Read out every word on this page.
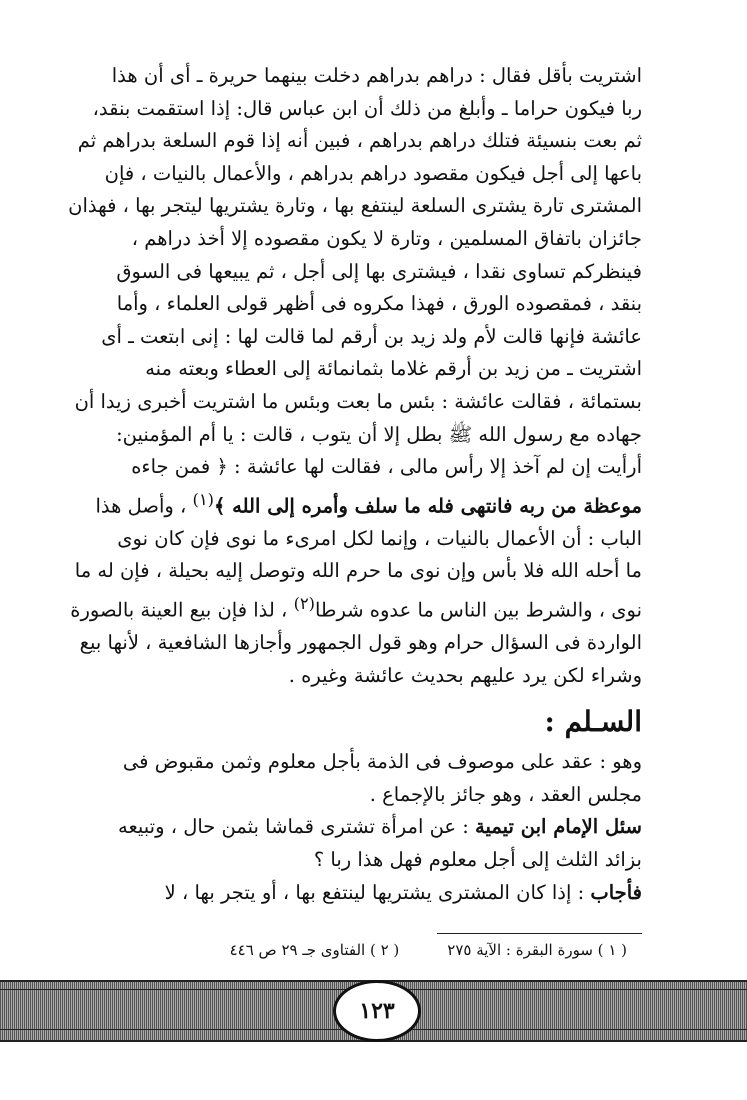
اشتريت بأقل فقال : دراهم بدراهم دخلت بينهما حريرة ـ أى أن هذا
ربا فيكون حراما ـ وأبلغ من ذلك أن ابن عباس قال: إذا استقمت بنقد،
ثم بعت بنسيئة فتلك دراهم بدراهم ، فبين أنه إذا قوم السلعة بدراهم ثم
باعها إلى أجل فيكون مقصود دراهم بدراهم ، والأعمال بالنيات ، فإن
المشترى تارة يشترى السلعة لينتفع بها ، وتارة يشتريها ليتجر بها ، فهذان
جائزان باتفاق المسلمين ، وتارة لا يكون مقصوده إلا أخذ دراهم ،
فينظركم تساوى نقدا ، فيشترى بها إلى أجل ، ثم يبيعها فى السوق
بنقد ، فمقصوده الورق ، فهذا مكروه فى أظهر قولى العلماء ، وأما
عائشة فإنها قالت لأم ولد زيد بن أرقم لما قالت لها : إنى ابتعت ـ أى
اشتريت ـ من زيد بن أرقم غلاما بثمانمائة إلى العطاء وبعته منه
بستمائة ، فقالت عائشة : بئس ما بعت وبئس ما اشتريت أخبرى زيدا أن
جهاده مع رسول الله ﷺ بطل إلا أن يتوب ، قالت : يا أم المؤمنين:
أرأيت إن لم آخذ إلا رأس مالى ، فقالت لها عائشة : ﴿ فمن جاءه
موعظة من ربه فانتهى فله ما سلف وأمره إلى الله ﴾$^{(١)}$ ، وأصل هذا
الباب : أن الأعمال بالنيات ، وإنما لكل امرىء ما نوى فإن كان نوى
ما أحله الله فلا بأس وإن نوى ما حرم الله وتوصل إليه بحيلة ، فإن له ما
نوى ، والشرط بين الناس ما عدوه شرطا$^{(٢)}$ ، لذا فإن بيع العينة بالصورة
الواردة فى السؤال حرام وهو قول الجمهور وأجازها الشافعية ، لأنها بيع
وشراء لكن يرد عليهم بحديث عائشة وغيره .
السـلم :
وهو : عقد على موصوف فى الذمة بأجل معلوم وثمن مقبوض فى
مجلس العقد ، وهو جائز بالإجماع .
سئل الإمام ابن تيمية : عن امرأة تشترى قماشا بثمن حال ، وتبيعه
بزائد الثلث إلى أجل معلوم فهل هذا ربا ؟
فأجاب : إذا كان المشترى يشتريها لينتفع بها ، أو يتجر بها ، لا
( ١ ) سورة البقرة : الآية ٢٧٥
( ٢ ) الفتاوى جـ ٢٩ ص ٤٤٦
١٢٣
